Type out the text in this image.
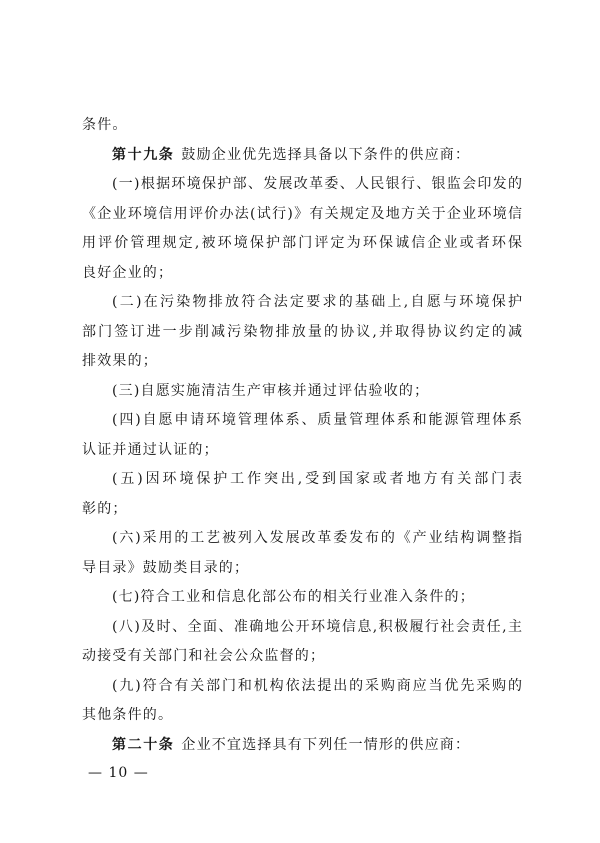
条件。
第十九条 鼓励企业优先选择具备以下条件的供应商：
(一)根据环境保护部、发展改革委、人民银行、银监会印发的
《企业环境信用评价办法(试行)》有关规定及地方关于企业环境信
用评价管理规定,被环境保护部门评定为环保诚信企业或者环保
良好企业的；
(二)在污染物排放符合法定要求的基础上,自愿与环境保护
部门签订进一步削减污染物排放量的协议,并取得协议约定的减
排效果的；
(三)自愿实施清洁生产审核并通过评估验收的；
(四)自愿申请环境管理体系、质量管理体系和能源管理体系
认证并通过认证的；
(五)因环境保护工作突出,受到国家或者地方有关部门表
彰的；
(六)采用的工艺被列入发展改革委发布的《产业结构调整指
导目录》鼓励类目录的；
(七)符合工业和信息化部公布的相关行业准入条件的；
(八)及时、全面、准确地公开环境信息,积极履行社会责任,主
动接受有关部门和社会公众监督的；
(九)符合有关部门和机构依法提出的采购商应当优先采购的
其他条件的。
第二十条 企业不宜选择具有下列任一情形的供应商：
— 10 —
